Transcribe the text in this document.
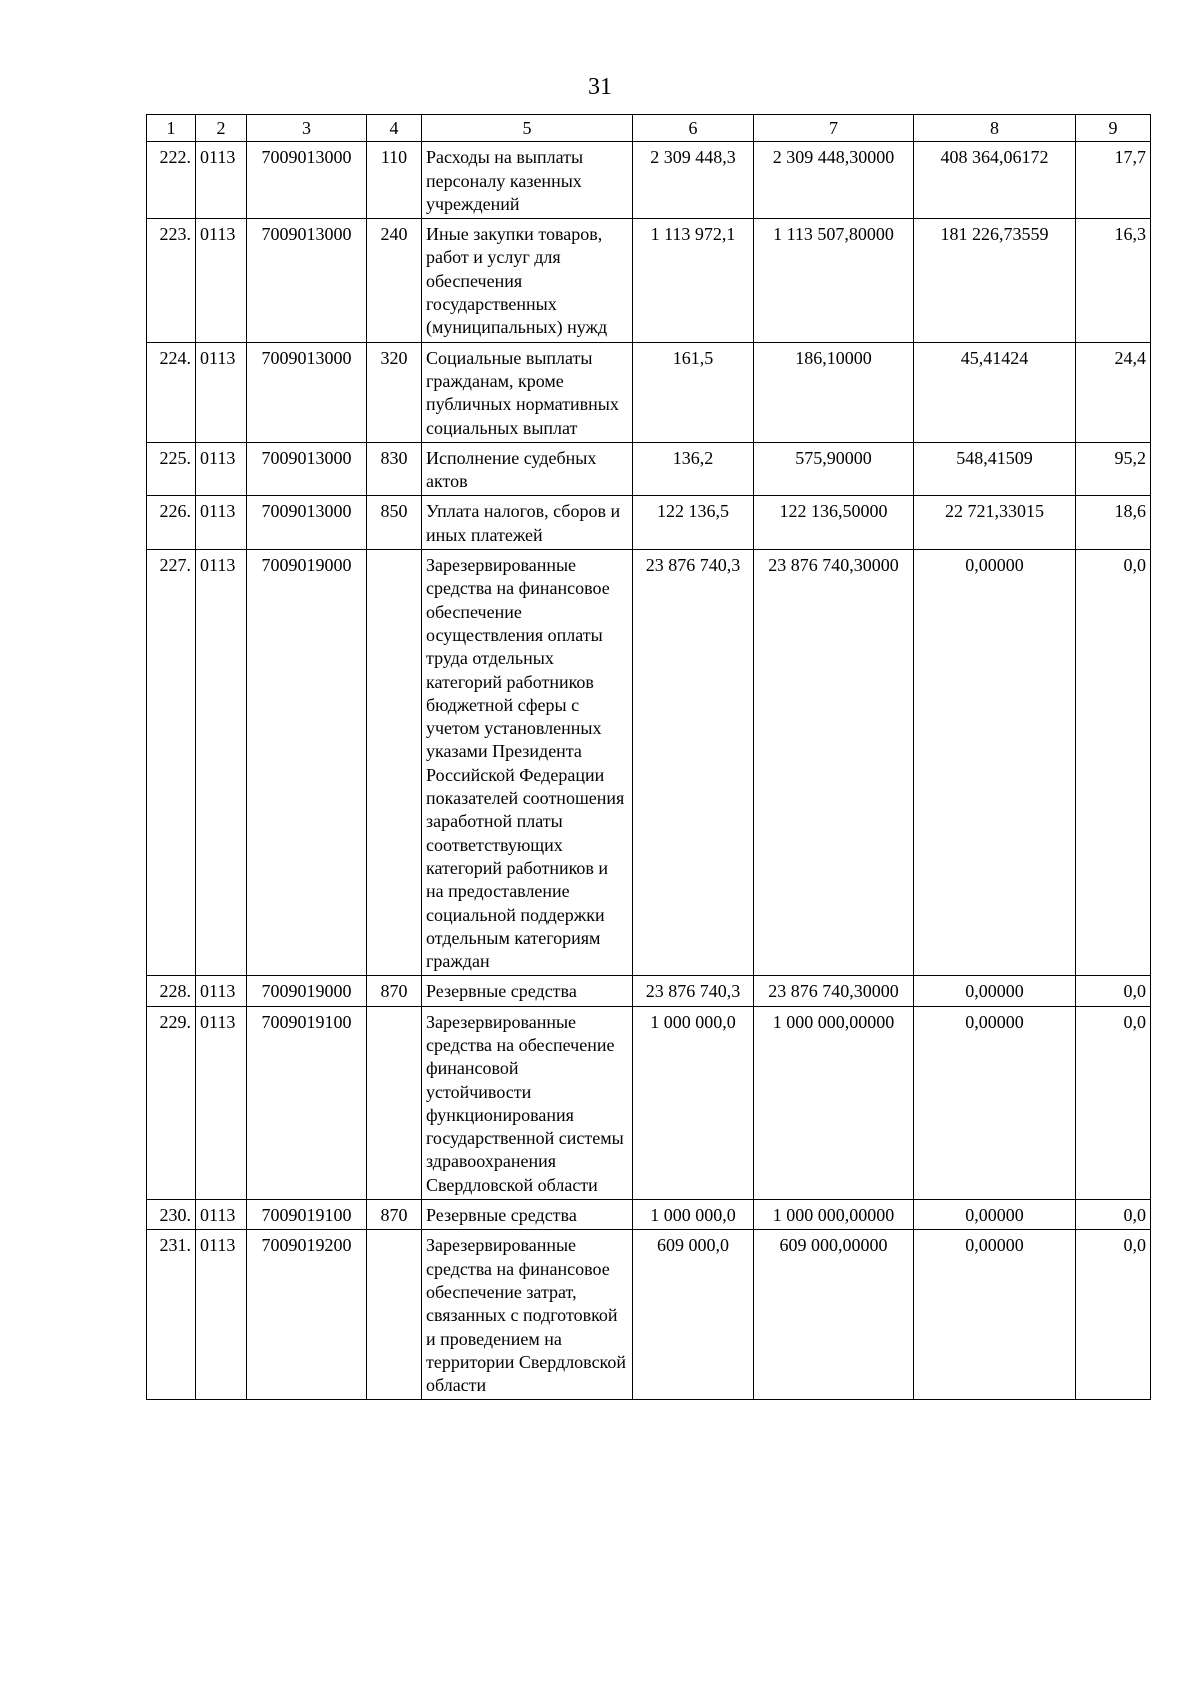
31
1	2	3	4	5	6	7	8	9
222.	0113	7009013000	110	Расходы на выплаты персоналу казенных учреждений	2 309 448,3	2 309 448,30000	408 364,06172	17,7
223.	0113	7009013000	240	Иные закупки товаров, работ и услуг для обеспечения государственных (муниципальных) нужд	1 113 972,1	1 113 507,80000	181 226,73559	16,3
224.	0113	7009013000	320	Социальные выплаты гражданам, кроме публичных нормативных социальных выплат	161,5	186,10000	45,41424	24,4
225.	0113	7009013000	830	Исполнение судебных актов	136,2	575,90000	548,41509	95,2
226.	0113	7009013000	850	Уплата налогов, сборов и иных платежей	122 136,5	122 136,50000	22 721,33015	18,6
227.	0113	7009019000		Зарезервированные средства на финансовое обеспечение осуществления оплаты труда отдельных категорий работников бюджетной сферы с учетом установленных указами Президента Российской Федерации показателей соотношения заработной платы соответствующих категорий работников и на предоставление социальной поддержки отдельным категориям граждан	23 876 740,3	23 876 740,30000	0,00000	0,0
228.	0113	7009019000	870	Резервные средства	23 876 740,3	23 876 740,30000	0,00000	0,0
229.	0113	7009019100		Зарезервированные средства на обеспечение финансовой устойчивости функционирования государственной системы здравоохранения Свердловской области	1 000 000,0	1 000 000,00000	0,00000	0,0
230.	0113	7009019100	870	Резервные средства	1 000 000,0	1 000 000,00000	0,00000	0,0
231.	0113	7009019200		Зарезервированные средства на финансовое обеспечение затрат, связанных с подготовкой и проведением на территории Свердловской области	609 000,0	609 000,00000	0,00000	0,0
